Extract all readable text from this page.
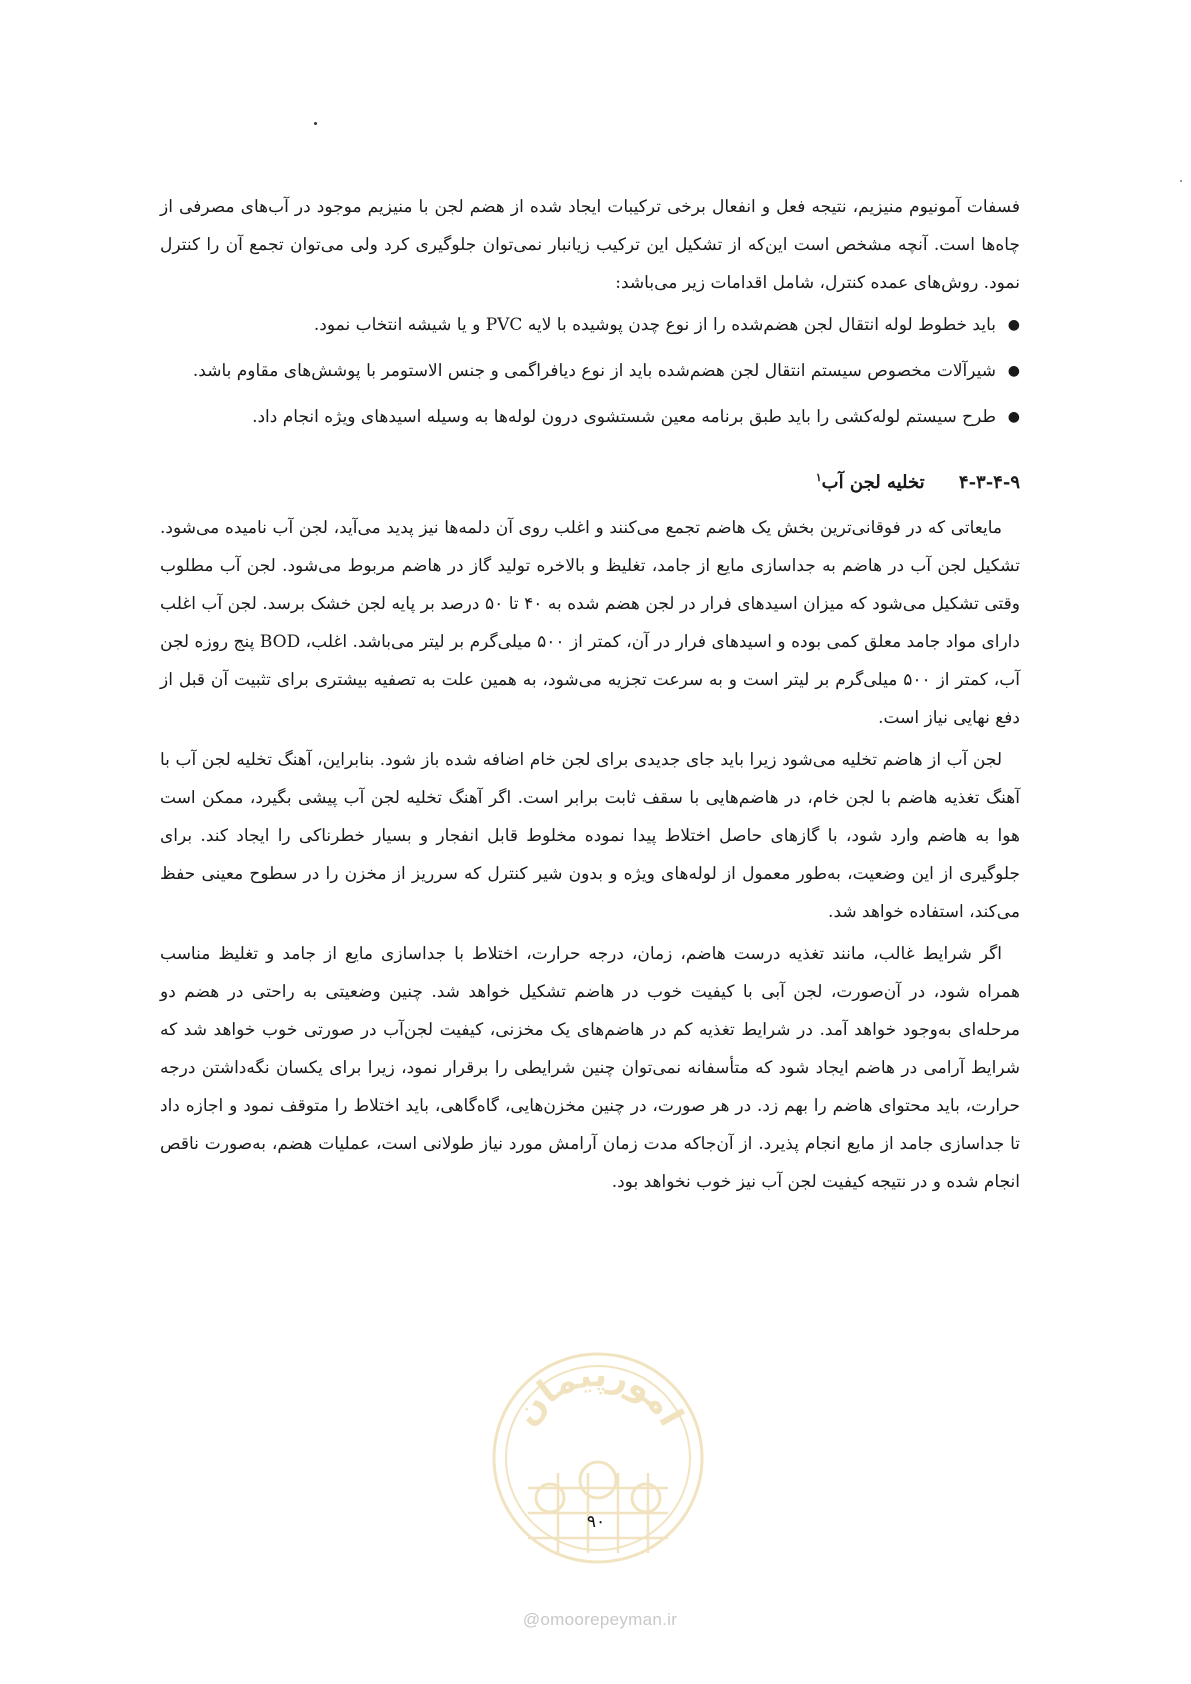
فسفات آمونیوم منیزیم، نتیجه فعل و انفعال برخی ترکیبات ایجاد شده از هضم لجن با منیزیم موجود در آب‌های مصرفی از چاه‌ها است. آنچه مشخص است این‌که از تشکیل این ترکیب زیانبار نمی‌توان جلوگیری کرد ولی می‌توان تجمع آن را کنترل نمود. روش‌های عمده کنترل، شامل اقدامات زیر می‌باشد:

●
باید خطوط لوله انتقال لجن هضم‌شده را از نوع چدن پوشیده با لایه PVC و یا شیشه انتخاب نمود.
●
شیرآلات مخصوص سیستم انتقال لجن هضم‌شده باید از نوع دیافراگمی و جنس الاستومر با پوشش‌های مقاوم باشد.
●
طرح سیستم لوله‌کشی را باید طبق برنامه معین شستشوی درون لوله‌ها به وسیله اسیدهای ویژه انجام داد.
۴-۳-۴-۹ تخلیه لجن آب$^۱$

مایعاتی که در فوقانی‌ترین بخش یک هاضم تجمع می‌کنند و اغلب روی آن دلمه‌ها نیز پدید می‌آید، لجن آب نامیده می‌شود. تشکیل لجن آب در هاضم به جداسازی مایع از جامد، تغلیظ و بالاخره تولید گاز در هاضم مربوط می‌شود. لجن آب مطلوب وقتی تشکیل می‌شود که میزان اسیدهای فرار در لجن هضم شده به ۴۰ تا ۵۰ درصد بر پایه لجن خشک برسد. لجن آب اغلب دارای مواد جامد معلق کمی بوده و اسیدهای فرار در آن، کمتر از ۵۰۰ میلی‌گرم بر لیتر می‌باشد. اغلب، BOD پنج روزه لجن آب، کمتر از ۵۰۰ میلی‌گرم بر لیتر است و به سرعت تجزیه می‌شود، به همین علت به تصفیه بیشتری برای تثبیت آن قبل از دفع نهایی نیاز است.

لجن آب از هاضم تخلیه می‌شود زیرا باید جای جدیدی برای لجن خام اضافه شده باز شود. بنابراین، آهنگ تخلیه لجن آب با آهنگ تغذیه هاضم با لجن خام، در هاضم‌هایی با سقف ثابت برابر است. اگر آهنگ تخلیه لجن آب پیشی بگیرد، ممکن است هوا به هاضم وارد شود، با گازهای حاصل اختلاط پیدا نموده مخلوط قابل انفجار و بسیار خطرناکی را ایجاد کند. برای جلوگیری از این وضعیت، به‌طور معمول از لوله‌های ویژه و بدون شیر کنترل که سرریز از مخزن را در سطوح معینی حفظ می‌کند، استفاده خواهد شد.

اگر شرایط غالب، مانند تغذیه درست هاضم، زمان، درجه حرارت، اختلاط با جداسازی مایع از جامد و تغلیظ مناسب همراه شود، در آن‌صورت، لجن آبی با کیفیت خوب در هاضم تشکیل خواهد شد. چنین وضعیتی به راحتی در هضم دو مرحله‌ای به‌وجود خواهد آمد. در شرایط تغذیه کم در هاضم‌های یک مخزنی، کیفیت لجن‌آب در صورتی خوب خواهد شد که شرایط آرامی در هاضم ایجاد شود که متأسفانه نمی‌توان چنین شرایطی را برقرار نمود، زیرا برای یکسان نگه‌داشتن درجه حرارت، باید محتوای هاضم را بهم زد. در هر صورت، در چنین مخزن‌هایی، گاه‌گاهی، باید اختلاط را متوقف نمود و اجازه داد تا جداسازی جامد از مایع انجام پذیرد. از آن‌جاکه مدت زمان آرامش مورد نیاز طولانی است، عملیات هضم، به‌صورت ناقص انجام شده و در نتیجه کیفیت لجن آب نیز خوب نخواهد بود.

امورپیمان
۹۰
@omoorepeyman.ir
